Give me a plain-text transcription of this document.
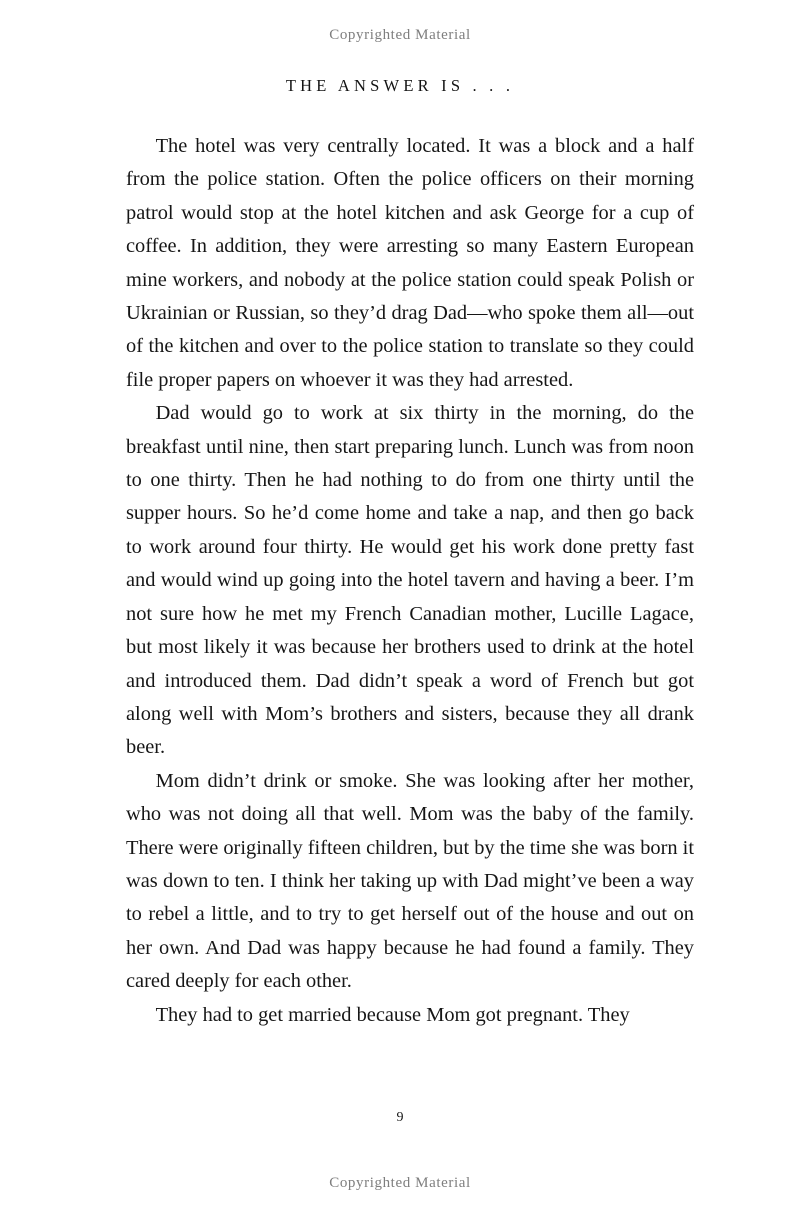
Copyrighted Material
THE ANSWER IS . . .

The hotel was very centrally located. It was a block and a half from the police station. Often the police officers on their morning patrol would stop at the hotel kitchen and ask George for a cup of coffee. In addition, they were arresting so many Eastern European mine workers, and nobody at the police station could speak Polish or Ukrainian or Russian, so they’d drag Dad—who spoke them all—out of the kitchen and over to the police station to translate so they could file proper papers on whoever it was they had arrested.

Dad would go to work at six thirty in the morning, do the breakfast until nine, then start preparing lunch. Lunch was from noon to one thirty. Then he had nothing to do from one thirty until the supper hours. So he’d come home and take a nap, and then go back to work around four thirty. He would get his work done pretty fast and would wind up going into the hotel tavern and having a beer. I’m not sure how he met my French Canadian mother, Lucille Lagace, but most likely it was because her brothers used to drink at the hotel and introduced them. Dad didn’t speak a word of French but got along well with Mom’s brothers and sisters, because they all drank beer.

Mom didn’t drink or smoke. She was looking after her mother, who was not doing all that well. Mom was the baby of the family. There were originally fifteen children, but by the time she was born it was down to ten. I think her taking up with Dad might’ve been a way to rebel a little, and to try to get herself out of the house and out on her own. And Dad was happy because he had found a family. They cared deeply for each other.

They had to get married because Mom got pregnant. They

9
Copyrighted Material
